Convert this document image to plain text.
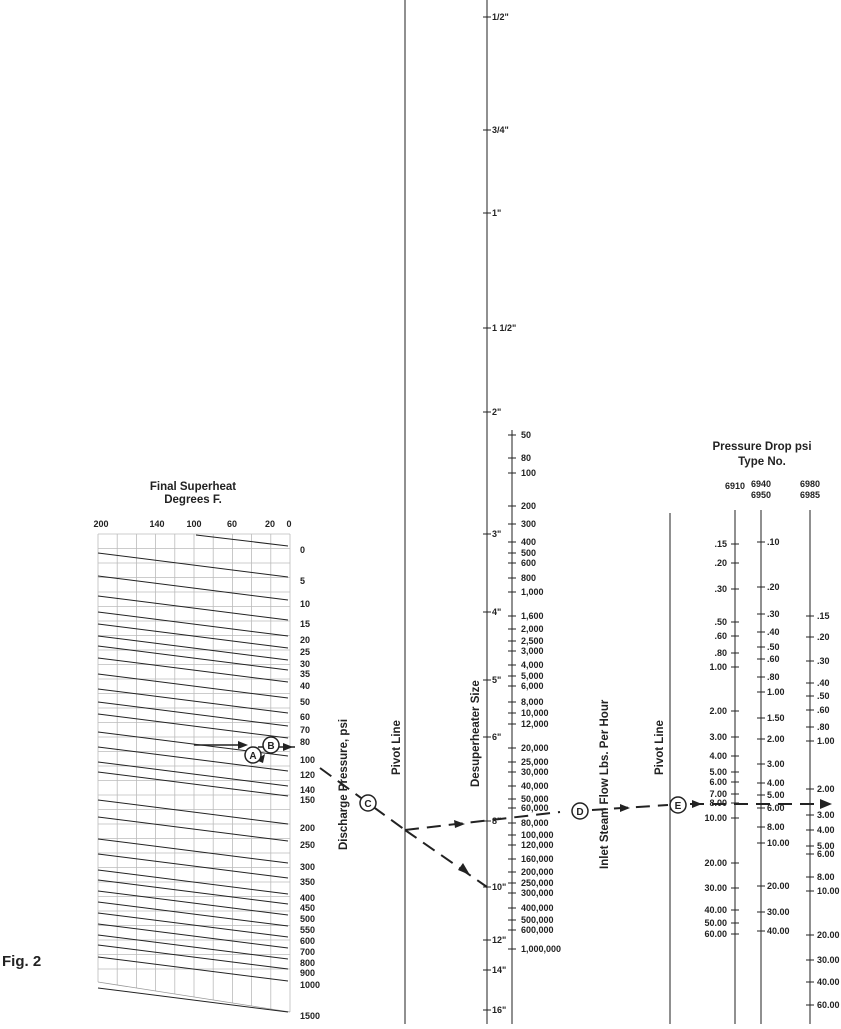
Fig. 2
Final Superheat
Degrees F.
200	140 100	60	20 0
0
5
10
15
20
25
30
35
40
50
60
70
80
100
120
140
150
200
250
300
350
400
450
500
550
600
700
800
900
1000
1500
Discharge Pressure, psi	Pivot Line
1/2"
3/4"
1"
1 1/2"
2"
3"
4"
5"
6"
8"
10"
12"
14"
16"
Desuperheater Size
50
80
100
200
300
400
500
600
800
1,000
1,600
2,000
2,500
3,000
4,000
5,000
6,000
8,000
10,000
12,000
20,000
25,000
30,000
40,000
50,000
60,000
80,000
100,000
120,000
160,000
200,000
250,000
300,000
400,000
500,000
600,000
1,000,000
Inlet Steam Flow Lbs. Per Hour	Pivot Line
Pressure Drop psi
Type No.
6910 6940
6950
6980
6985
.15
.20
.30
.50
.60
.80
1.00
2.00
3.00
4.00
5.00
6.00
7.00
8.00
10.00
20.00
30.00
40.00
50.00
60.00
.10
.20
.30
.40
.50
.60
.80
1.00
1.50
2.00
3.00
4.00
5.00
6.00
8.00
10.00
20.00
30.00
40.00
.15
.20
.30
.40
.50
.60
.80
1.00
2.00
3.00
4.00
5.00
6.00
8.00
10.00
20.00
30.00
40.00
60.00
A
B
C
D
E
